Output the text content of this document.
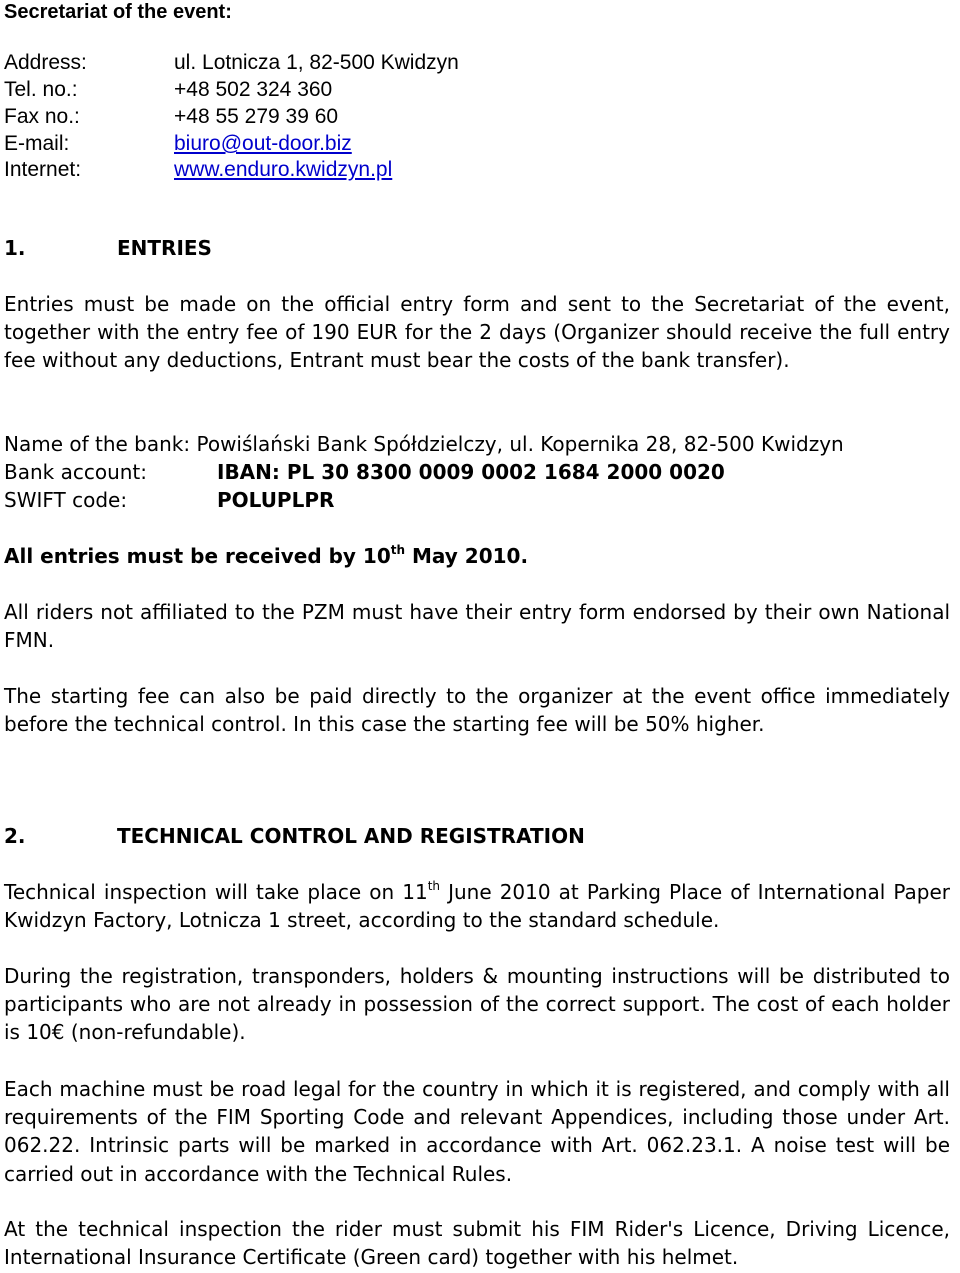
Secretariat of the event:
Address:	ul. Lotnicza 1, 82-500 Kwidzyn
Tel. no.:	+48 502 324 360
Fax no.:	+48 55 279 39 60
E-mail:	biuro@out-door.biz
Internet:	www.enduro.kwidzyn.pl
1.	ENTRIES
Entries must be made on the official entry form and sent to the Secretariat of the event, together with the entry fee of 190 EUR for the 2 days (Organizer should receive the full entry fee without any deductions, Entrant must bear the costs of the bank transfer).
Name of the bank: Powiślański Bank Spółdzielczy, ul. Kopernika 28, 82-500 Kwidzyn
Bank account:	IBAN: PL 30 8300 0009 0002 1684 2000 0020
SWIFT code:	POLUPLPR
All entries must be received by 10th May 2010.
All riders not affiliated to the PZM must have their entry form endorsed by their own National FMN.
The starting fee can also be paid directly to the organizer at the event office immediately before the technical control. In this case the starting fee will be 50% higher.
2.	TECHNICAL CONTROL AND REGISTRATION
Technical inspection will take place on 11th June 2010 at Parking Place of International Paper Kwidzyn Factory, Lotnicza 1 street, according to the standard schedule.
During the registration, transponders, holders & mounting instructions will be distributed to participants who are not already in possession of the correct support. The cost of each holder is 10€ (non-refundable).
Each machine must be road legal for the country in which it is registered, and comply with all requirements of the FIM Sporting Code and relevant Appendices, including those under Art. 062.22. Intrinsic parts will be marked in accordance with Art. 062.23.1. A noise test will be carried out in accordance with the Technical Rules.
At the technical inspection the rider must submit his FIM Rider's Licence, Driving Licence, International Insurance Certificate (Green card) together with his helmet.
